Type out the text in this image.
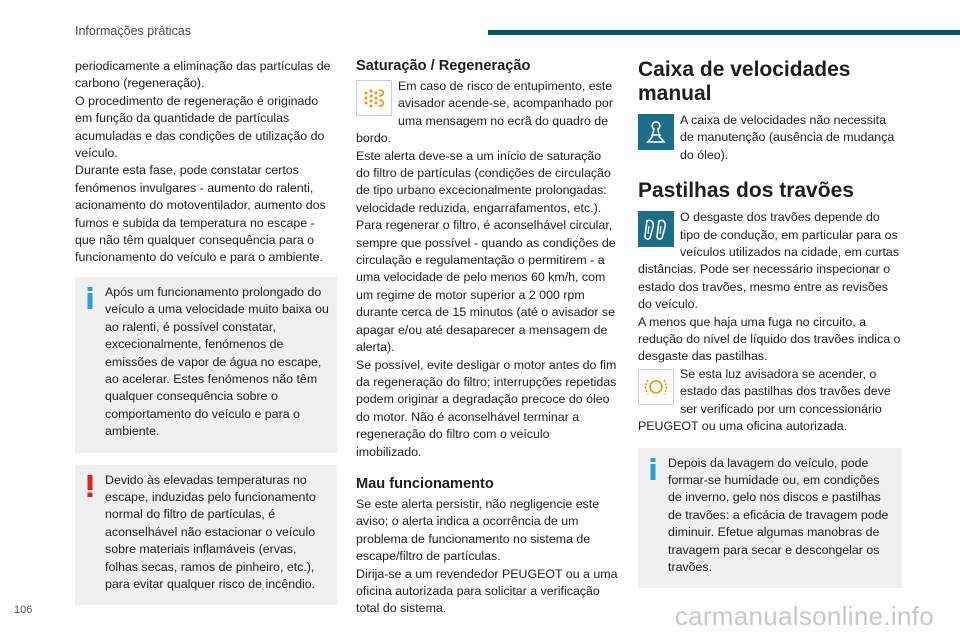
Informações práticas

periodicamente a eliminação das partículas de carbono (regeneração).

O procedimento de regeneração é originado em função da quantidade de partículas acumuladas e das condições de utilização do veículo.

Durante esta fase, pode constatar certos fenómenos invulgares - aumento do ralenti, acionamento do motoventilador, aumento dos fumos e subida da temperatura no escape - que não têm qualquer consequência para o funcionamento do veículo e para o ambiente.

Após um funcionamento prolongado do veículo a uma velocidade muito baixa ou ao ralenti, é possível constatar, excecionalmente, fenómenos de emissões de vapor de água no escape, ao acelerar. Estes fenómenos não têm qualquer consequência sobre o comportamento do veículo e para o ambiente.

Devido às elevadas temperaturas no escape, induzidas pelo funcionamento normal do filtro de partículas, é aconselhável não estacionar o veículo sobre materiais inflamáveis (ervas, folhas secas, ramos de pinheiro, etc.), para evitar qualquer risco de incêndio.

Saturação / Regeneração

Em caso de risco de entupimento, este avisador acende-se, acompanhado por uma mensagem no ecrã do quadro de bordo.

Este alerta deve-se a um início de saturação do filtro de partículas (condições de circulação de tipo urbano excecionalmente prolongadas: velocidade reduzida, engarrafamentos, etc.).

Para regenerar o filtro, é aconselhável circular, sempre que possível - quando as condições de circulação e regulamentação o permitirem - a uma velocidade de pelo menos 60 km/h, com um regime de motor superior a 2 000 rpm durante cerca de 15 minutos (até o avisador se apagar e/ou até desaparecer a mensagem de alerta).

Se possível, evite desligar o motor antes do fim da regeneração do filtro; interrupções repetidas podem originar a degradação precoce do óleo do motor. Não é aconselhável terminar a regeneração do filtro com o veículo imobilizado.

Mau funcionamento

Se este alerta persistir, não negligencie este aviso; o alerta indica a ocorrência de um problema de funcionamento no sistema de escape/filtro de partículas.

Dirija-se a um revendedor PEUGEOT ou a uma oficina autorizada para solicitar a verificação total do sistema.

Caixa de velocidades manual

A caixa de velocidades não necessita de manutenção (ausência de mudança do óleo).

Pastilhas dos travões

O desgaste dos travões depende do tipo de condução, em particular para os veículos utilizados na cidade, em curtas distâncias. Pode ser necessário inspecionar o estado dos travões, mesmo entre as revisões do veículo.

A menos que haja uma fuga no circuito, a redução do nível de líquido dos travões indica o desgaste das pastilhas.

Se esta luz avisadora se acender, o estado das pastilhas dos travões deve ser verificado por um concessionário PEUGEOT ou uma oficina autorizada.

Depois da lavagem do veículo, pode formar-se humidade ou, em condições de inverno, gelo nos discos e pastilhas de travões: a eficácia de travagem pode diminuir. Efetue algumas manobras de travagem para secar e descongelar os travões.

106	carmanualsonline.info
